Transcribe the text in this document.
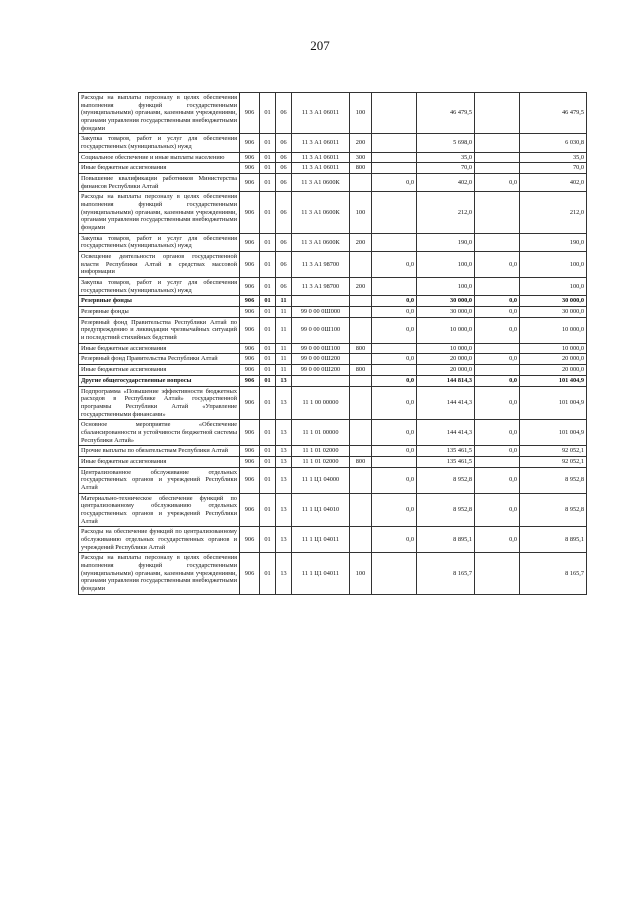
207
Расходы на выплаты персоналу в целях обеспечения выполнения функций государственными (муниципальными) органами, казенными учреждениями, органами управления государственными внебюджетными фондами	906	01	06	11 3 А1 06011	100		46 479,5		46 479,5
Закупка товаров, работ и услуг для обеспечения государственных (муниципальных) нужд	906	01	06	11 3 А1 06011	200		5 698,0		6 030,8
Социальное обеспечение и иные выплаты населению	906	01	06	11 3 А1 06011	300		35,0		35,0
Иные бюджетные ассигнования	906	01	06	11 3 А1 06011	800		70,0		70,0
Повышение квалификации работников Министерства финансов Республики Алтай	906	01	06	11 3 А1 0600К		0,0	402,0	0,0	402,0
Расходы на выплаты персоналу в целях обеспечения выполнения функций государственными (муниципальными) органами, казенными учреждениями, органами управления государственными внебюджетными фондами	906	01	06	11 3 А1 0600К	100		212,0		212,0
Закупка товаров, работ и услуг для обеспечения государственных (муниципальных) нужд	906	01	06	11 3 А1 0600К	200		190,0		190,0
Освещение деятельности органов государственной власти Республики Алтай в средствах массовой информации	906	01	06	11 3 А1 98700		0,0	100,0	0,0	100,0
Закупка товаров, работ и услуг для обеспечения государственных (муниципальных) нужд	906	01	06	11 3 А1 98700	200		100,0		100,0
Резервные фонды	906	01	11			0,0	30 000,0	0,0	30 000,0
Резервные фонды	906	01	11	99 0 00 0Ш000		0,0	30 000,0	0,0	30 000,0
Резервный фонд Правительства Республики Алтай по предупреждению и ликвидации чрезвычайных ситуаций и последствий стихийных бедствий	906	01	11	99 0 00 0Ш100		0,0	10 000,0	0,0	10 000,0
Иные бюджетные ассигнования	906	01	11	99 0 00 0Ш100	800		10 000,0		10 000,0
Резервный фонд Правительства Республики Алтай	906	01	11	99 0 00 0Ш200		0,0	20 000,0	0,0	20 000,0
Иные бюджетные ассигнования	906	01	11	99 0 00 0Ш200	800		20 000,0		20 000,0
Другие общегосударственные вопросы	906	01	13			0,0	144 814,3	0,0	101 404,9
Подпрограмма «Повышение эффективности бюджетных расходов в Республике Алтай» государственной программы Республики Алтай «Управление государственными финансами»	906	01	13	11 1 00 00000		0,0	144 414,3	0,0	101 004,9
Основное мероприятие «Обеспечение сбалансированности и устойчивости бюджетной системы Республики Алтай»	906	01	13	11 1 01 00000		0,0	144 414,3	0,0	101 004,9
Прочие выплаты по обязательствам Республики Алтай	906	01	13	11 1 01 02000		0,0	135 461,5	0,0	92 052,1
Иные бюджетные ассигнования	906	01	13	11 1 01 02000	800		135 461,5		92 052,1
Централизованное обслуживание отдельных государственных органов и учреждений Республики Алтай	906	01	13	11 1 Ц1 04000		0,0	8 952,8	0,0	8 952,8
Материально-техническое обеспечение функций по централизованному обслуживанию отдельных государственных органов и учреждений Республики Алтай	906	01	13	11 1 Ц1 04010		0,0	8 952,8	0,0	8 952,8
Расходы на обеспечение функций по централизованному обслуживанию отдельных государственных органов и учреждений Республики Алтай	906	01	13	11 1 Ц1 04011		0,0	8 895,1	0,0	8 895,1
Расходы на выплаты персоналу в целях обеспечения выполнения функций государственными (муниципальными) органами, казенными учреждениями, органами управления государственными внебюджетными фондами	906	01	13	11 1 Ц1 04011	100		8 165,7		8 165,7
